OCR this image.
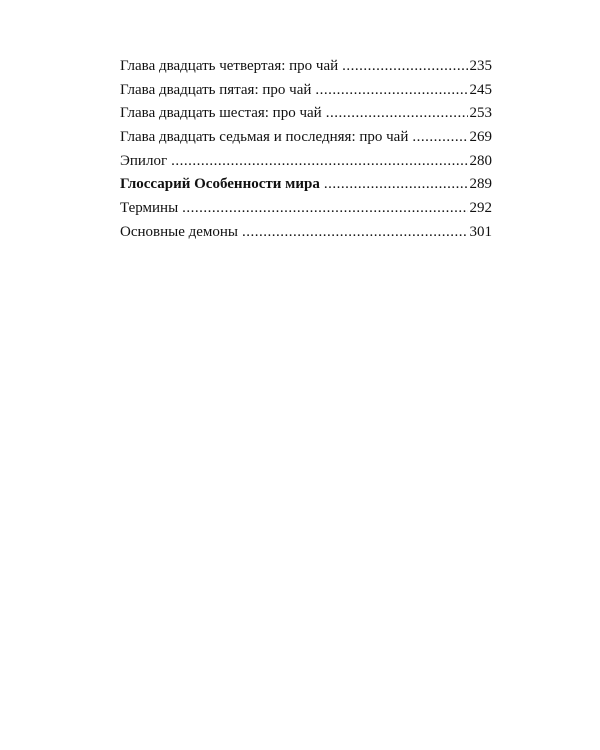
Глава двадцать четвертая: про чай .....	235
Глава двадцать пятая: про чай .....	245
Глава двадцать шестая: про чай .....	253
Глава двадцать седьмая и последняя: про чай .....	269
Эпилог .....	280
Глоссарий Особенности мира .....	289
Термины .....	292
Основные демоны .....	301
